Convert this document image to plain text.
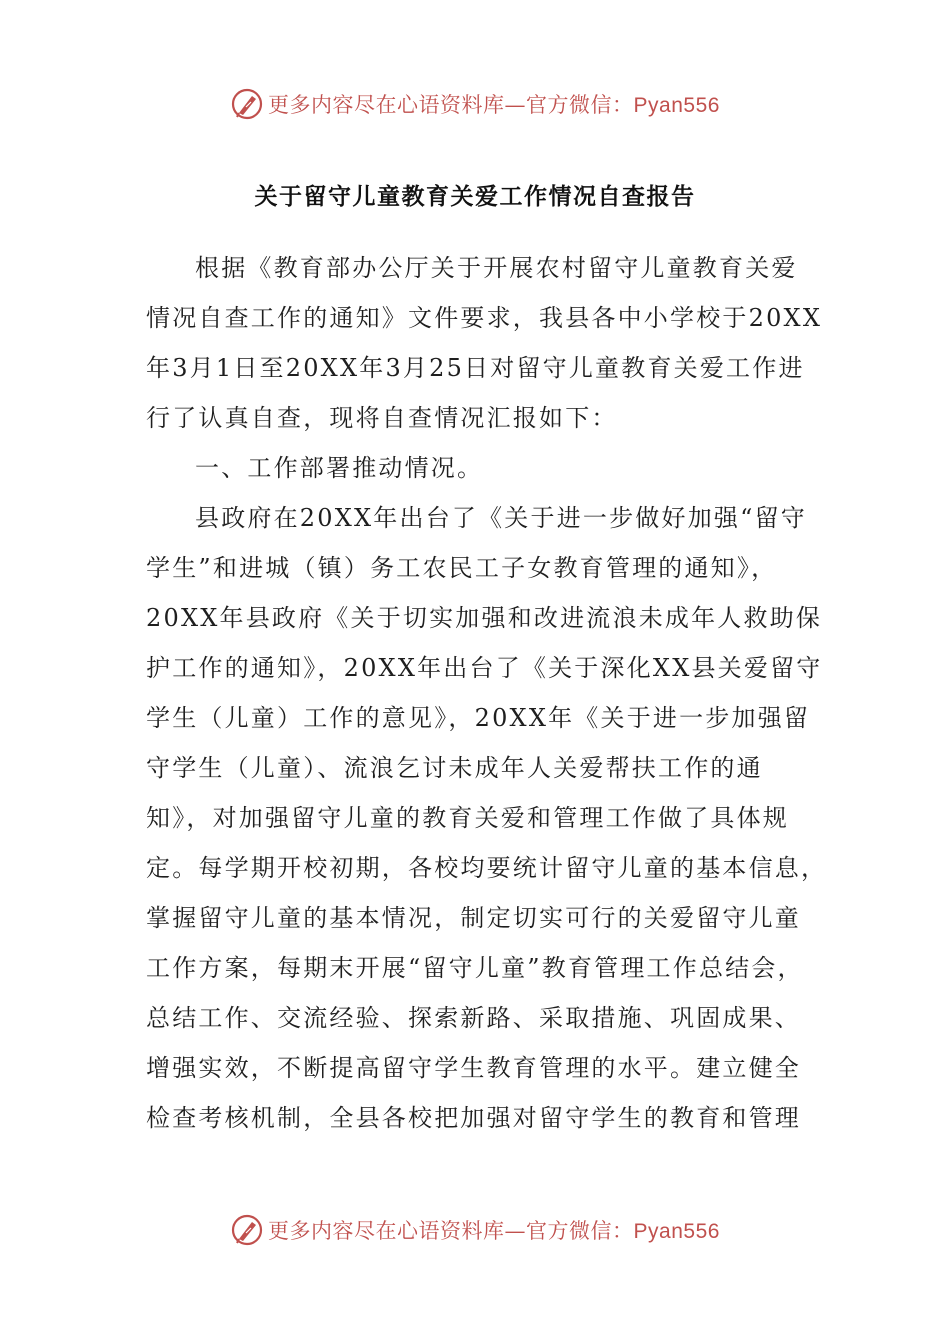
更多内容尽在心语资料库—官方微信：Pyan556
关于留守儿童教育关爱工作情况自查报告

根据《教育部办公厅关于开展农村留守儿童教育关爱

情况自查工作的通知》文件要求，我县各中小学校于20XX

年3月1日至20XX年3月25日对留守儿童教育关爱工作进

行了认真自查，现将自查情况汇报如下：

一、工作部署推动情况。

县政府在20XX年出台了《关于进一步做好加强“留守

学生”和进城（镇）务工农民工子女教育管理的通知》，

20XX年县政府《关于切实加强和改进流浪未成年人救助保

护工作的通知》，20XX年出台了《关于深化XX县关爱留守

学生（儿童）工作的意见》，20XX年《关于进一步加强留

守学生（儿童）、流浪乞讨未成年人关爱帮扶工作的通

知》，对加强留守儿童的教育关爱和管理工作做了具体规

定。每学期开校初期，各校均要统计留守儿童的基本信息，

掌握留守儿童的基本情况，制定切实可行的关爱留守儿童

工作方案，每期末开展“留守儿童”教育管理工作总结会，

总结工作、交流经验、探索新路、采取措施、巩固成果、

增强实效，不断提高留守学生教育管理的水平。建立健全

检查考核机制，全县各校把加强对留守学生的教育和管理

更多内容尽在心语资料库—官方微信：Pyan556
